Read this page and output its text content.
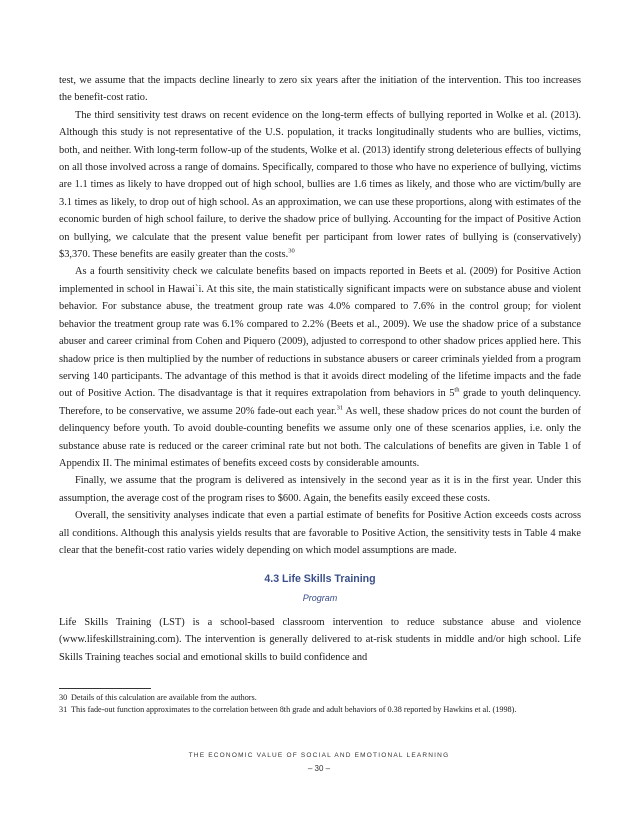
test, we assume that the impacts decline linearly to zero six years after the initiation of the intervention. This too increases the benefit-cost ratio.

The third sensitivity test draws on recent evidence on the long-term effects of bullying reported in Wolke et al. (2013). Although this study is not representative of the U.S. population, it tracks longitudinally students who are bullies, victims, both, and neither. With long-term follow-up of the students, Wolke et al. (2013) identify strong deleterious effects of bullying on all those involved across a range of domains. Specifically, compared to those who have no experience of bullying, victims are 1.1 times as likely to have dropped out of high school, bullies are 1.6 times as likely, and those who are victim/bully are 3.1 times as likely, to drop out of high school. As an approximation, we can use these proportions, along with estimates of the economic burden of high school failure, to derive the shadow price of bullying. Accounting for the impact of Positive Action on bullying, we calculate that the present value benefit per participant from lower rates of bullying is (conservatively) $3,370. These benefits are easily greater than the costs.$^{30}$

As a fourth sensitivity check we calculate benefits based on impacts reported in Beets et al. (2009) for Positive Action implemented in school in Hawai`i. At this site, the main statistically significant impacts were on substance abuse and violent behavior. For substance abuse, the treatment group rate was 4.0% compared to 7.6% in the control group; for violent behavior the treatment group rate was 6.1% compared to 2.2% (Beets et al., 2009). We use the shadow price of a substance abuser and career criminal from Cohen and Piquero (2009), adjusted to correspond to other shadow prices applied here. This shadow price is then multiplied by the number of reductions in substance abusers or career criminals yielded from a program serving 140 participants. The advantage of this method is that it avoids direct modeling of the lifetime impacts and the fade out of Positive Action. The disadvantage is that it requires extrapolation from behaviors in 5th grade to youth delinquency. Therefore, to be conservative, we assume 20% fade-out each year.$^{31}$ As well, these shadow prices do not count the burden of delinquency before youth. To avoid double-counting benefits we assume only one of these scenarios applies, i.e. only the substance abuse rate is reduced or the career criminal rate but not both. The calculations of benefits are given in Table 1 of Appendix II. The minimal estimates of benefits exceed costs by considerable amounts.

Finally, we assume that the program is delivered as intensively in the second year as it is in the first year. Under this assumption, the average cost of the program rises to $600. Again, the benefits easily exceed these costs.

Overall, the sensitivity analyses indicate that even a partial estimate of benefits for Positive Action exceeds costs across all conditions. Although this analysis yields results that are favorable to Positive Action, the sensitivity tests in Table 4 make clear that the benefit-cost ratio varies widely depending on which model assumptions are made.

4.3 Life Skills Training
Program

Life Skills Training (LST) is a school-based classroom intervention to reduce substance abuse and violence (www.lifeskillstraining.com). The intervention is generally delivered to at-risk students in middle and/or high school. Life Skills Training teaches social and emotional skills to build confidence and

30 Details of this calculation are available from the authors.
31 This fade-out function approximates to the correlation between 8th grade and adult behaviors of 0.38 reported by Hawkins et al. (1998).
THE ECONOMIC VALUE OF SOCIAL AND EMOTIONAL LEARNING
– 30 –
